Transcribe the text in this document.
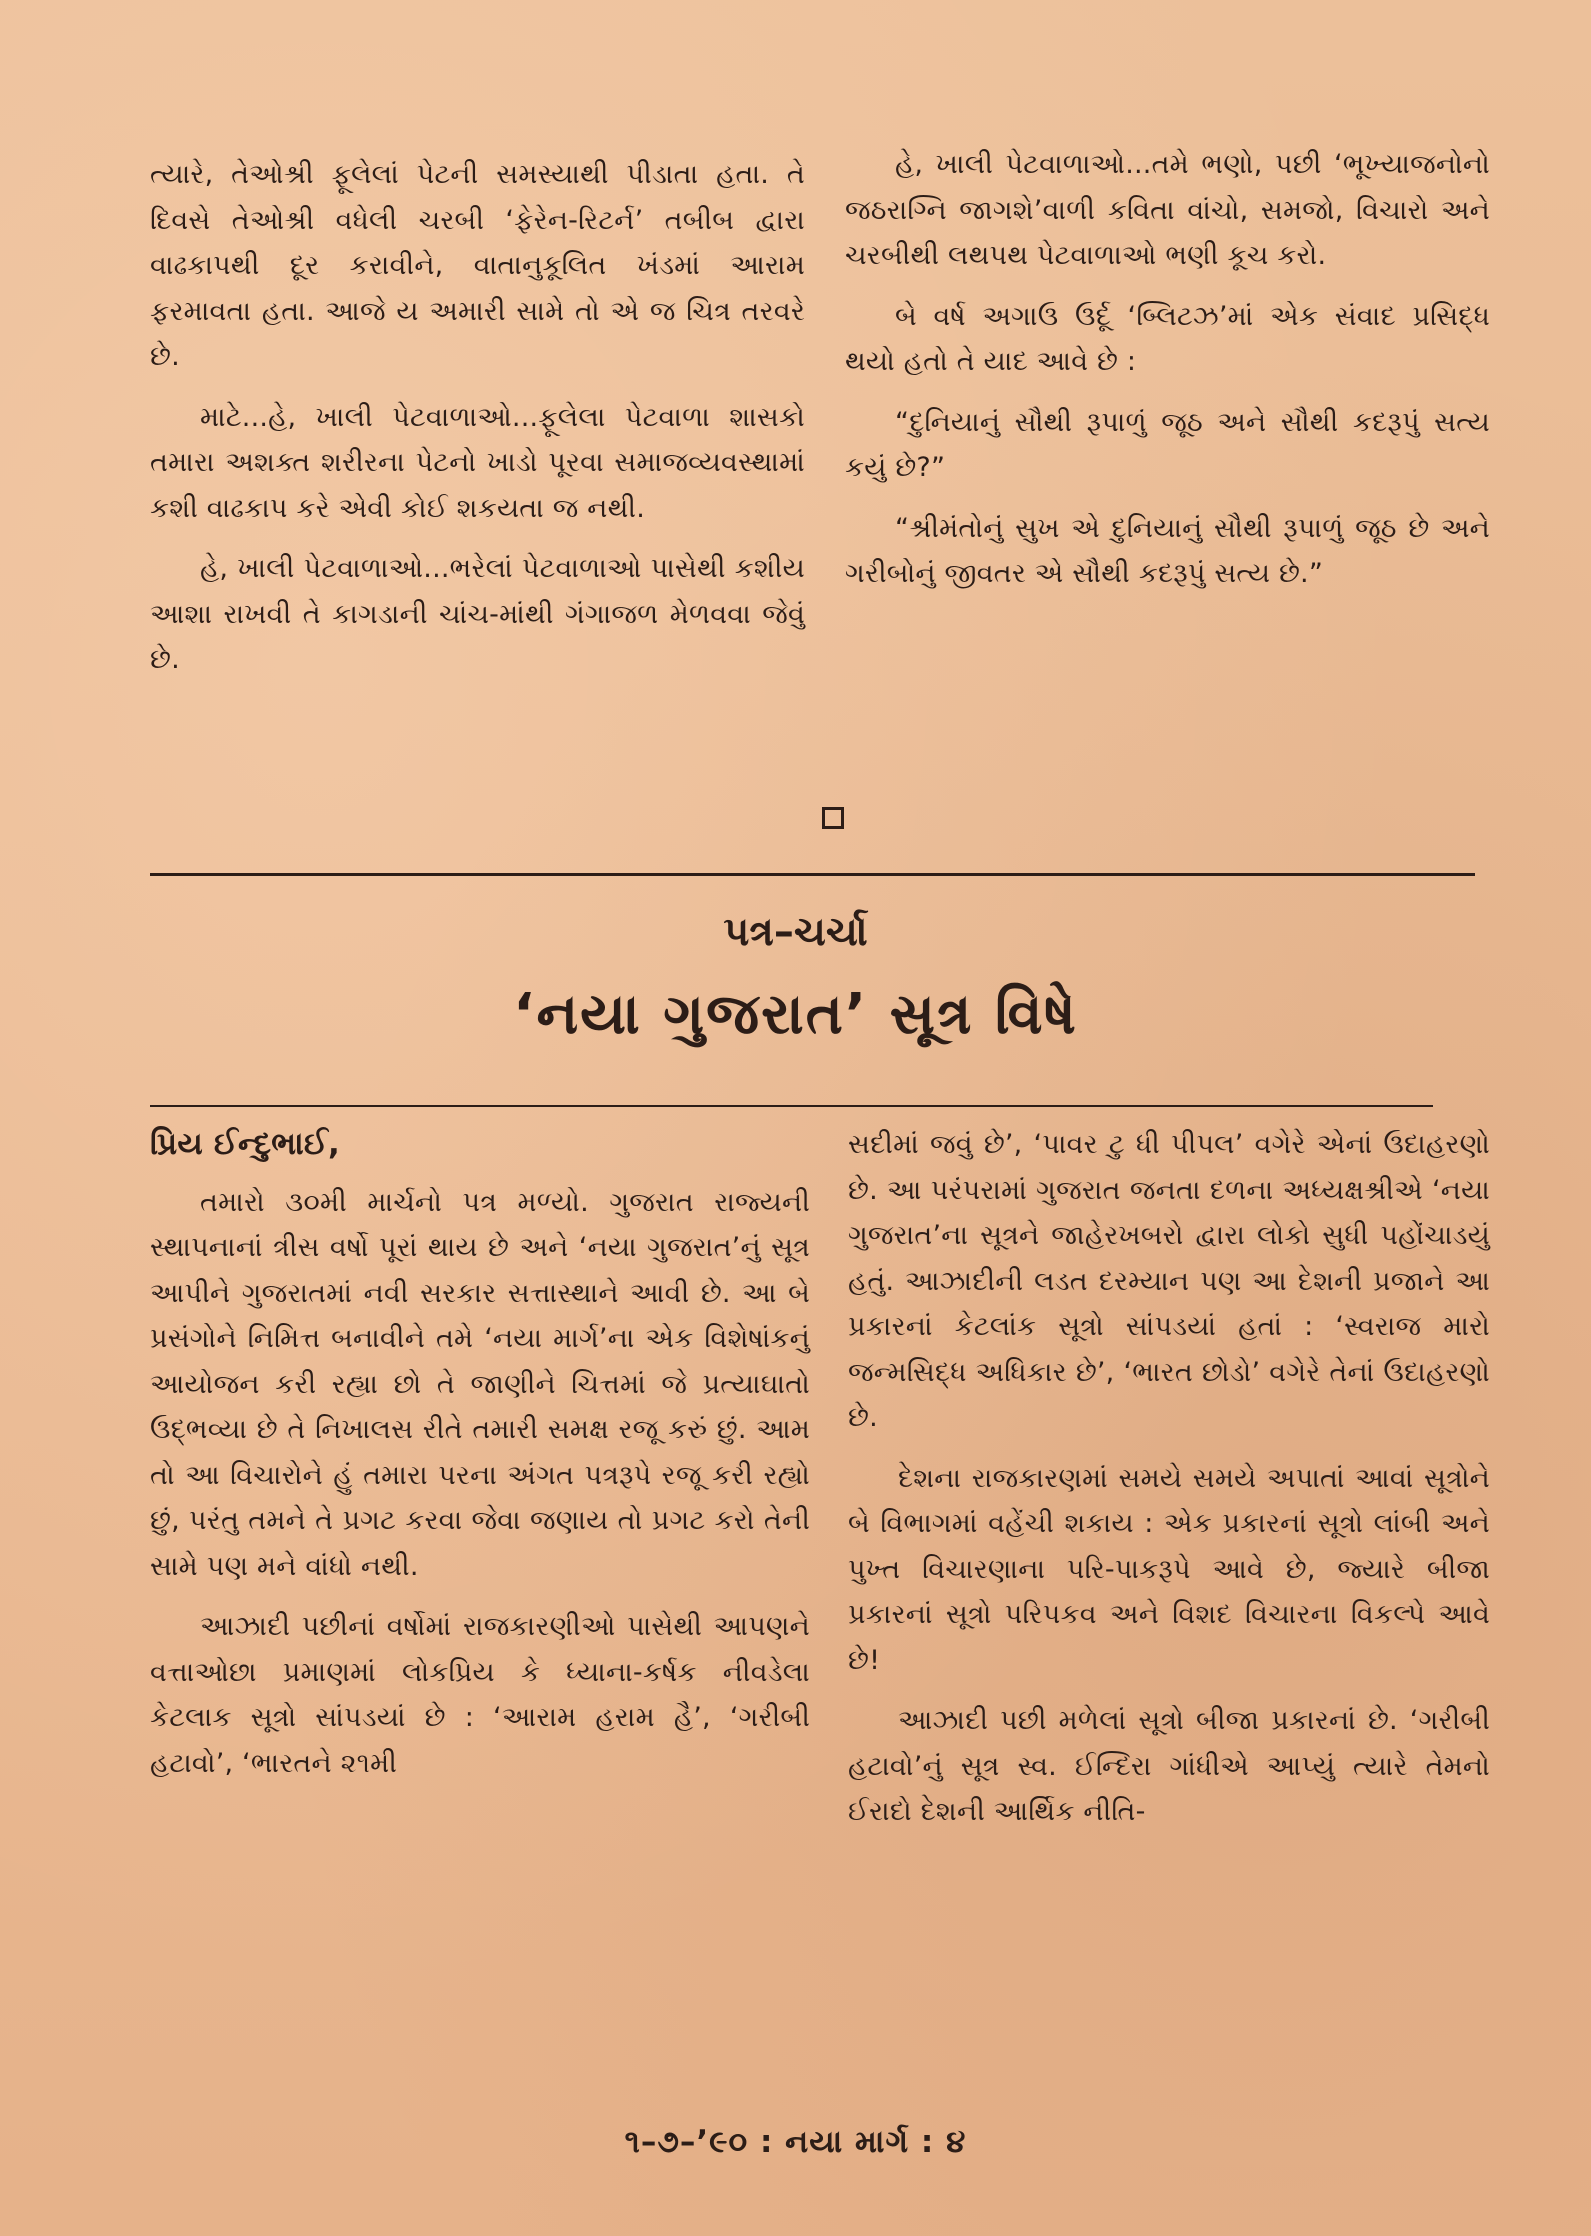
ત્યારે, તેઓશ્રી ફૂલેલાં પેટની સમસ્યાથી પીડાતા હતા. તે દિવસે તેઓશ્રી વધેલી ચરબી ‘ફેરેન-રિટર્ન’ તબીબ દ્વારા વાઢકાપથી દૂર કરાવીને, વાતાનુકૂલિત ખંડમાં આરામ ફરમાવતા હતા. આજે ય અમારી સામે તો એ જ ચિત્ર તરવરે છે.

માટે...હે, ખાલી પેટવાળાઓ...ફૂલેલા પેટવાળા શાસકો તમારા અશક્ત શરીરના પેટનો ખાડો પૂરવા સમાજવ્યવસ્થામાં કશી વાઢકાપ કરે એવી કોઈ શકયતા જ નથી.

હે, ખાલી પેટવાળાઓ...ભરેલાં પેટવાળાઓ પાસેથી કશીય આશા રાખવી તે કાગડાની ચાંચ-માંથી ગંગાજળ મેળવવા જેવું છે.

હે, ખાલી પેટવાળાઓ...તમે ભણો, પછી ‘ભૂખ્યાજનોનો જઠરાગ્નિ જાગશે’વાળી કવિતા વાંચો, સમજો, વિચારો અને ચરબીથી લથપથ પેટવાળાઓ ભણી કૂચ કરો.

બે વર્ષ અગાઉ ઉર્દૂ ‘બ્લિટઝ’માં એક સંવાદ પ્રસિદ્ધ થયો હતો તે યાદ આવે છે :

“દુનિયાનું સૌથી રૂપાળું જૂઠ અને સૌથી કદરૂપું સત્ય કયું છે?”

“શ્રીમંતોનું સુખ એ દુનિયાનું સૌથી રૂપાળું જૂઠ છે અને ગરીબોનું જીવતર એ સૌથી કદરૂપું સત્ય છે.”

પત્ર–ચર્ચા
‘નયા ગુજરાત’ સૂત્ર વિષે

પ્રિય ઈન્દુભાઈ,

તમારો ૩૦મી માર્ચનો પત્ર મળ્યો. ગુજરાત રાજ્યની સ્થાપનાનાં ત્રીસ વર્ષો પૂરાં થાય છે અને ‘નયા ગુજરાત’નું સૂત્ર આપીને ગુજરાતમાં નવી સરકાર સત્તાસ્થાને આવી છે. આ બે પ્રસંગોને નિમિત્ત બનાવીને તમે ‘નયા માર્ગ’ના એક વિશેષાંકનું આયોજન કરી રહ્યા છો તે જાણીને ચિત્તમાં જે પ્રત્યાઘાતો ઉદ્‌ભવ્યા છે તે નિખાલસ રીતે તમારી સમક્ષ રજૂ કરું છું. આમ તો આ વિચારોને હું તમારા પરના અંગત પત્રરૂપે રજૂ કરી રહ્યો છું, પરંતુ તમને તે પ્રગટ કરવા જેવા જણાય તો પ્રગટ કરો તેની સામે પણ મને વાંધો નથી.

આઝાદી પછીનાં વર્ષોમાં રાજકારણીઓ પાસેથી આપણને વત્તાઓછા પ્રમાણમાં લોકપ્રિય કે ધ્યાના-કર્ષક નીવડેલા કેટલાક સૂત્રો સાંપડયાં છે : ‘આરામ હરામ હૈ’, ‘ગરીબી હટાવો’, ‘ભારતને ૨૧મી

સદીમાં જવું છે’, ‘પાવર ટુ ધી પીપલ’ વગેરે એનાં ઉદાહરણો છે. આ પરંપરામાં ગુજરાત જનતા દળના અધ્યક્ષશ્રીએ ‘નયા ગુજરાત’ના સૂત્રને જાહેરખબરો દ્વારા લોકો સુધી પહોંચાડયું હતું. આઝાદીની લડત દરમ્યાન પણ આ દેશની પ્રજાને આ પ્રકારનાં કેટલાંક સૂત્રો સાંપડયાં હતાં : ‘સ્વરાજ મારો જન્મસિદ્ધ અધિકાર છે’, ‘ભારત છોડો’ વગેરે તેનાં ઉદાહરણો છે.

દેશના રાજકારણમાં સમયે સમયે અપાતાં આવાં સૂત્રોને બે વિભાગમાં વહેંચી શકાય : એક પ્રકારનાં સૂત્રો લાંબી અને પુખ્ત વિચારણાના પરિ-પાકરૂપે આવે છે, જ્યારે બીજા પ્રકારનાં સૂત્રો પરિપકવ અને વિશદ વિચારના વિકલ્પે આવે છે!

આઝાદી પછી મળેલાં સૂત્રો બીજા પ્રકારનાં છે. ‘ગરીબી હટાવો’નું સૂત્ર સ્વ. ઈન્દિરા ગાંધીએ આપ્યું ત્યારે તેમનો ઈરાદો દેશની આર્થિક નીતિ-

૧–૭–’૯૦ : નયા માર્ગ : ૪
